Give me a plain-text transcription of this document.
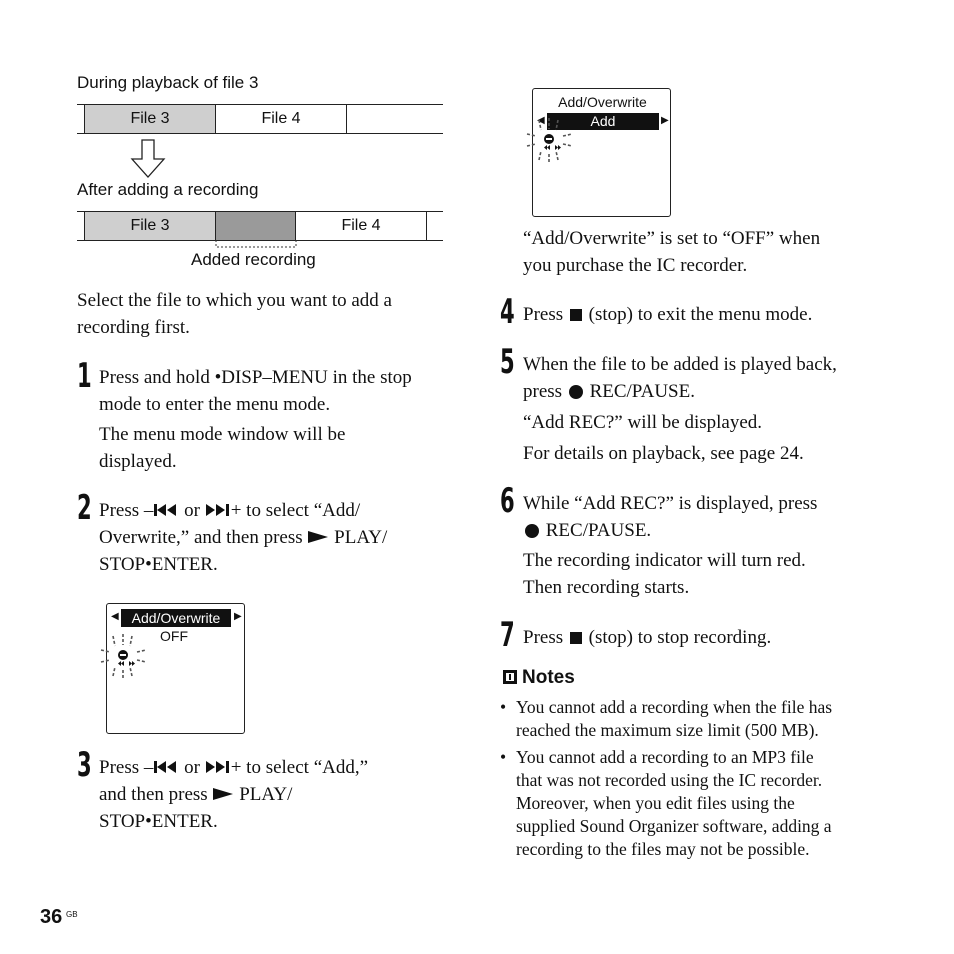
During playback of file 3
File 3	File 4
After adding a recording
File 3	File 4
Added recording
Select the file to which you want to add a
recording first.
1 Press and hold •DISP–MENU in the stop
mode to enter the menu mode.
The menu mode window will be
displayed.
2 Press – or + to select “Add/
Overwrite,” and then press  PLAY/
STOP•ENTER.
◀ Add/Overwrite	▶
OFF
3 Press – or + to select “Add,”
and then press  PLAY/
STOP•ENTER.
Add/Overwrite
◀	Add	▶
“Add/Overwrite” is set to “OFF” when
you purchase the IC recorder.
4 Press  (stop) to exit the menu mode.
5 When the file to be added is played back,
press  REC/PAUSE.
“Add REC?” will be displayed.
For details on playback, see page 24.
6 While “Add REC?” is displayed, press
REC/PAUSE.
The recording indicator will turn red.
Then recording starts.
7 Press  (stop) to stop recording.
Notes
• You cannot add a recording when the file has
reached the maximum size limit (500 MB).
• You cannot add a recording to an MP3 file
that was not recorded using the IC recorder.
Moreover, when you edit files using the
supplied Sound Organizer software, adding a
recording to the files may not be possible.
36 GB
